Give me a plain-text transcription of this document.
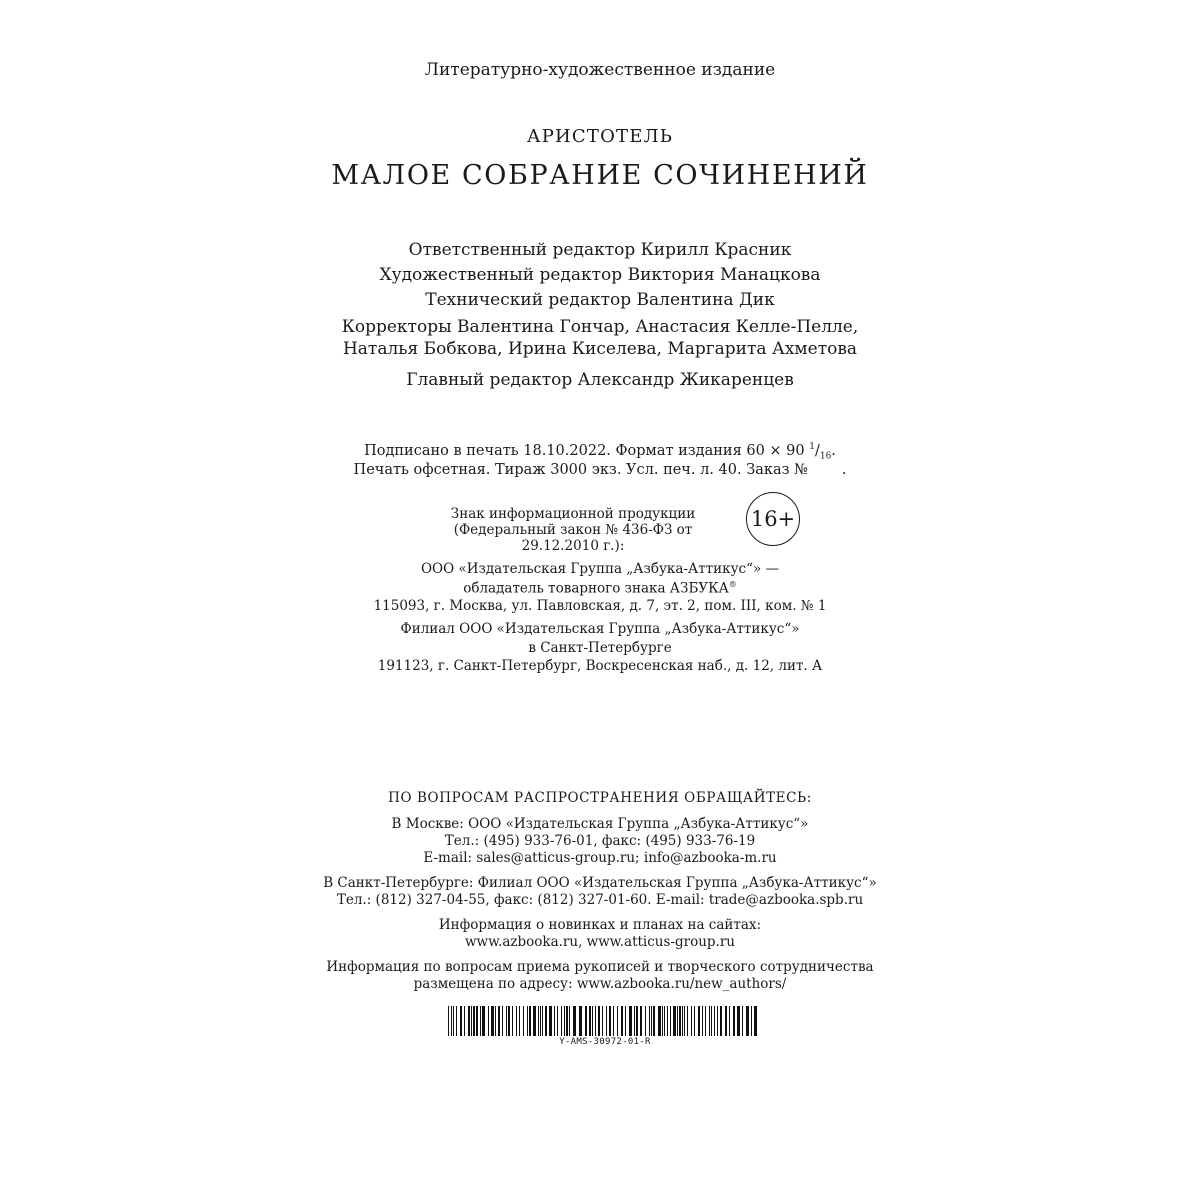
Литературно-художественное издание
АРИСТОТЕЛЬ
МАЛОЕ СОБРАНИЕ СОЧИНЕНИЙ
Ответственный редактор Кирилл Красник
Художественный редактор Виктория Манацкова
Технический редактор Валентина Дик
Корректоры Валентина Гончар, Анастасия Келле-Пелле,
Наталья Бобкова, Ирина Киселева, Маргарита Ахметова
Главный редактор Александр Жикаренцев
Подписано в печать 18.10.2022. Формат издания 60 × 90 $^1/_{16}$.
Печать офсетная. Тираж 3000 экз. Усл. печ. л. 40. Заказ № .
Знак информационной продукции
(Федеральный закон № 436-ФЗ от 29.12.2010 г.):
16+
ООО «Издательская Группа „Азбука-Аттикус“» —
обладатель товарного знака АЗБУКА®
115093, г. Москва, ул. Павловская, д. 7, эт. 2, пом. III, ком. № 1
Филиал ООО «Издательская Группа „Азбука-Аттикус“»
в Санкт-Петербурге
191123, г. Санкт-Петербург, Воскресенская наб., д. 12, лит. А
ПО ВОПРОСАМ РАСПРОСТРАНЕНИЯ ОБРАЩАЙТЕСЬ:
В Москве: ООО «Издательская Группа „Азбука-Аттикус“»
Тел.: (495) 933-76-01, факс: (495) 933-76-19
E-mail: sales@atticus-group.ru; info@azbooka-m.ru
В Санкт-Петербурге: Филиал ООО «Издательская Группа „Азбука-Аттикус“»
Тел.: (812) 327-04-55, факс: (812) 327-01-60. E-mail: trade@azbooka.spb.ru
Информация о новинках и планах на сайтах:
www.azbooka.ru, www.atticus-group.ru
Информация по вопросам приема рукописей и творческого сотрудничества
размещена по адресу: www.azbooka.ru/new_authors/
Y-AMS-30972-01-R
